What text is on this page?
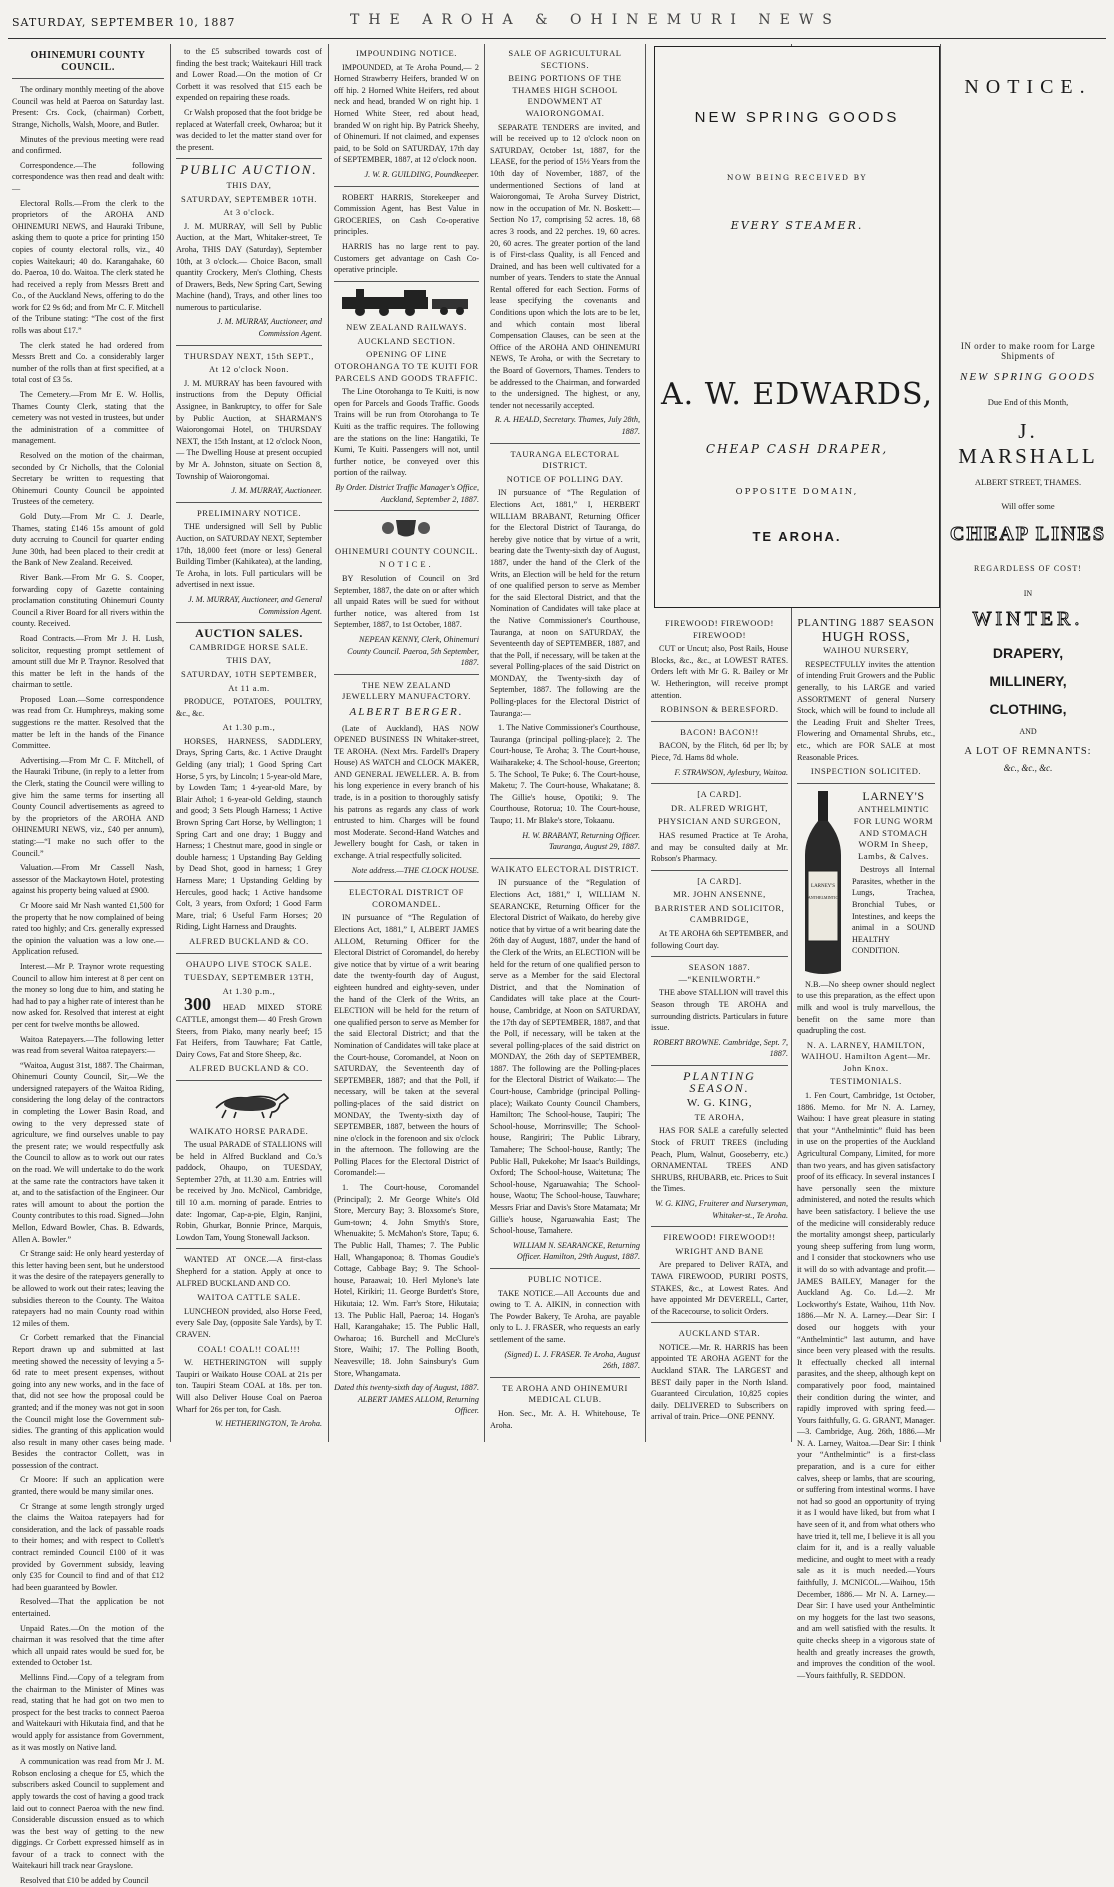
SATURDAY, SEPTEMBER 10, 1887	THE AROHA & OHINEMURI NEWS
OHINEMURI COUNTY COUNCIL.

The ordinary monthly meeting of the above Council was held at Paeroa on Saturday last. Present: Crs. Cock, (chairman) Corbett, Strange, Nicholls, Walsh, Moore, and Butler.

Minutes of the previous meeting were read and confirmed.

Correspondence.—The following correspondence was then read and dealt with:—

Electoral Rolls.—From the clerk to the proprietors of the AROHA AND OHINEMURI NEWS, and Hauraki Tribune, asking them to quote a price for printing 150 copies of county electoral rolls, viz., 40 copies Waitekauri; 40 do. Karangahake, 60 do. Paeroa, 10 do. Waitoa. The clerk stated he had received a reply from Messrs Brett and Co., of the Auckland News, offering to do the work for £2 9s 6d; and from Mr C. F. Mitchell of the Tribune stating: “The cost of the first rolls was about £17.”

The clerk stated he had ordered from Messrs Brett and Co. a considerably larger number of the rolls than at first specified, at a total cost of £3 5s.

The Cemetery.—From Mr E. W. Hollis, Thames County Clerk, stating that the cemetery was not vested in trustees, but under the administration of a committee of management.

Resolved on the motion of the chairman, seconded by Cr Nicholls, that the Colonial Secretary be written to requesting that Ohinemuri County Council be appointed Trustees of the cemetery.

Gold Duty.—From Mr C. J. Dearle, Thames, stating £146 15s amount of gold duty accruing to Council for quarter ending June 30th, had been placed to their credit at the Bank of New Zealand. Received.

River Bank.—From Mr G. S. Cooper, forwarding copy of Gazette containing proclamation constituting Ohinemuri County Council a River Board for all rivers within the county. Received.

Road Contracts.—From Mr J. H. Lush, solicitor, requesting prompt settlement of amount still due Mr P. Traynor. Resolved that this matter be left in the hands of the chairman to settle.

Proposed Loan.—Some correspondence was read from Cr. Humphreys, making some suggestions re the matter. Resolved that the matter be left in the hands of the Finance Committee.

Advertising.—From Mr C. F. Mitchell, of the Hauraki Tribune, (in reply to a letter from the Clerk, stating the Council were willing to give him the same terms for inserting all County Council advertisements as agreed to by the proprietors of the AROHA AND OHINEMURI NEWS, viz., £40 per annum), stating:—“I make no such offer to the Council.”

Valuation.—From Mr Cassell Nash, assessor of the Mackaytown Hotel, protesting against his property being valued at £900.

Cr Moore said Mr Nash wanted £1,500 for the property that he now complained of being rated too highly; and Crs. generally expressed the opinion the valuation was a low one.—Application refused.

Interest.—Mr P. Traynor wrote requesting Council to allow him interest at 8 per cent on the money so long due to him, and stating he had had to pay a higher rate of interest than he now asked for. Resolved that interest at eight per cent for twelve months be allowed.

Waitoa Ratepayers.—The following letter was read from several Waitoa ratepayers:—

“Waitoa, August 31st, 1887. The Chairman, Ohinemuri County Council, Sir,—We the undersigned ratepayers of the Waitoa Riding, considering the long delay of the contractors in completing the Lower Basin Road, and owing to the very depressed state of agriculture, we find ourselves unable to pay the present rate; we would respectfully ask the Council to allow as to work out our rates on the road. We will undertake to do the work at the same rate the contractors have taken it at, and to the satisfaction of the Engineer. Our rates will amount to about the portion the County contributes to this road. Signed—John Mellon, Edward Bowler, Chas. B. Edwards, Allen A. Bowler.”

Cr Strange said: He only heard yesterday of this letter having been sent, but he understood it was the desire of the ratepayers generally to be allowed to work out their rates; leaving the subsidies thereon to the County. The Waitoa ratepayers had no main County road within 12 miles of them.

Cr Corbett remarked that the Financial Report drawn up and submitted at last meeting showed the necessity of levying a 5-6d rate to meet present expenses, without going into any new works, and in the face of that, did not see how the proposal could be granted; and if the money was not got in soon the Council might lose the Government sub-sidies. The granting of this application would also result in many other cases being made. Besides the contractor Collett, was in possession of the contract.

Cr Moore: If such an application were granted, there would be many similar ones.

Cr Strange at some length strongly urged the claims the Waitoa ratepayers had for consideration, and the lack of passable roads to their homes; and with respect to Collett's contract reminded Council £100 of it was provided by Government subsidy, leaving only £35 for Council to find and of that £12 had been guaranteed by Bowler.

Resolved—That the application be not entertained.

Unpaid Rates.—On the motion of the chairman it was resolved that the time after which all unpaid rates would be sued for, be extended to October 1st.

Mellinns Find.—Copy of a telegram from the chairman to the Minister of Mines was read, stating that he had got on two men to prospect for the best tracks to connect Paeroa and Waitekauri with Hikutaia find, and that he would apply for assistance from Government, as it was mostly on Native land.

A communication was read from Mr J. M. Robson enclosing a cheque for £5, which the subscribers asked Council to supplement and apply towards the cost of having a good track laid out to connect Paeroa with the new find. Considerable discussion ensued as to which was the best way of getting to the new diggings. Cr Corbett expressed himself as in favour of a track to connect with the Waitekauri hill track near Grayslone.

Resolved that £10 be added by Council

to the £5 subscribed towards cost of finding the best track; Waitekauri Hill track and Lower Road.—On the motion of Cr Corbett it was resolved that £15 each be expended on repairing these roads.

Cr Walsh proposed that the foot bridge be replaced at Waterfall creek, Owharoa; but it was decided to let the matter stand over for the present.

PUBLIC AUCTION.
THIS DAY,
SATURDAY, SEPTEMBER 10TH.
At 3 o'clock.

J. M. MURRAY, will Sell by Public Auction, at the Mart, Whitaker-street, Te Aroha, THIS DAY (Saturday), September 10th, at 3 o'clock.— Choice Bacon, small quantity Crockery, Men's Clothing, Chests of Drawers, Beds, New Spring Cart, Sewing Machine (hand), Trays, and other lines too numerous to particularise.

J. M. MURRAY, Auctioneer, and Commission Agent.
THURSDAY NEXT, 15th SEPT.,
At 12 o'clock Noon.

J. M. MURRAY has been favoured with instructions from the Deputy Official Assignee, in Bankruptcy, to offer for Sale by Public Auction, at SHARMAN'S Waiorongomai Hotel, on THURSDAY NEXT, the 15th Instant, at 12 o'clock Noon,— The Dwelling House at present occupied by Mr A. Johnston, situate on Section 8, Township of Waiorongomai.

J. M. MURRAY, Auctioneer.
PRELIMINARY NOTICE.

THE undersigned will Sell by Public Auction, on SATURDAY NEXT, September 17th, 18,000 feet (more or less) General Building Timber (Kahikatea), at the landing, Te Aroha, in lots. Full particulars will be advertised in next issue.

J. M. MURRAY, Auctioneer, and General Commission Agent.
AUCTION SALES.
CAMBRIDGE HORSE SALE.
THIS DAY,
SATURDAY, 10TH SEPTEMBER,
At 11 a.m.

PRODUCE, POTATOES, POULTRY, &c., &c.

At 1.30 p.m.,

HORSES, HARNESS, SADDLERY, Drays, Spring Carts, &c. 1 Active Draught Gelding (any trial); 1 Good Spring Cart Horse, 5 yrs, by Lincoln; 1 5-year-old Mare, by Lowden Tam; 1 4-year-old Mare, by Blair Athol; 1 6-year-old Gelding, staunch and good; 3 Sets Plough Harness; 1 Active Brown Spring Cart Horse, by Wellington; 1 Spring Cart and one dray; 1 Buggy and Harness; 1 Chestnut mare, good in single or double harness; 1 Upstanding Bay Gelding by Dead Shot, good in harness; 1 Grey Harness Mare; 1 Upstanding Gelding by Hercules, good hack; 1 Active handsome Colt, 3 years, from Oxford; 1 Good Farm Mare, trial; 6 Useful Farm Horses; 20 Riding, Light Harness and Draughts.

ALFRED BUCKLAND & CO.
OHAUPO LIVE STOCK SALE.
TUESDAY, SEPTEMBER 13TH,
At 1.30 p.m.,

300 HEAD MIXED STORE CATTLE, amongst them— 40 Fresh Grown Steers, from Piako, many nearly beef; 15 Fat Heifers, from Tauwhare; Fat Cattle, Dairy Cows, Fat and Store Sheep, &c.

ALFRED BUCKLAND & CO.
WAIKATO HORSE PARADE.

The usual PARADE of STALLIONS will be held in Alfred Buckland and Co.'s paddock, Ohaupo, on TUESDAY, September 27th, at 11.30 a.m. Entries will be received by Jno. McNicol, Cambridge, till 10 a.m. morning of parade. Entries to date: Ingomar, Cap-a-pie, Elgin, Ranjini, Robin, Ghurkar, Bonnie Prince, Marquis, Lowdon Tam, Young Stonewall Jackson.

WANTED AT ONCE.—A first-class Shepherd for a station. Apply at once to ALFRED BUCKLAND AND CO.

WAITOA CATTLE SALE.

LUNCHEON provided, also Horse Feed, every Sale Day, (opposite Sale Yards), by T. CRAVEN.

COAL! COAL!! COAL!!!

W. HETHERINGTON will supply Taupiri or Waikato House COAL at 21s per ton. Taupiri Steam COAL at 18s. per ton. Will also Deliver House Coal on Paeroa Wharf for 26s per ton, for Cash.

W. HETHERINGTON, Te Aroha.
IMPOUNDING NOTICE.

IMPOUNDED, at Te Aroha Pound,— 2 Horned Strawberry Heifers, branded W on off hip. 2 Horned White Heifers, red about neck and head, branded W on right hip. 1 Horned White Steer, red about head, branded W on right hip. By Patrick Sheehy, of Ohinemuri. If not claimed, and expenses paid, to be Sold on SATURDAY, 17th day of SEPTEMBER, 1887, at 12 o'clock noon.

J. W. R. GUILDING, Poundkeeper.

ROBERT HARRIS, Storekeeper and Commission Agent, has Best Value in GROCERIES, on Cash Co-operative principles.

HARRIS has no large rent to pay. Customers get advantage on Cash Co-operative principle.

NEW ZEALAND RAILWAYS.
AUCKLAND SECTION.
OPENING OF LINE OTOROHANGA TO TE KUITI FOR PARCELS AND GOODS TRAFFIC.

The Line Otorohanga to Te Kuiti, is now open for Parcels and Goods Traffic. Goods Trains will be run from Otorohanga to Te Kuiti as the traffic requires. The following are the stations on the line: Hangatiki, Te Kumi, Te Kuiti. Passengers will not, until further notice, be conveyed over this portion of the railway.

By Order. District Traffic Manager's Office, Auckland, September 2, 1887.
OHINEMURI COUNTY COUNCIL.
NOTICE.

BY Resolution of Council on 3rd September, 1887, the date on or after which all unpaid Rates will be sued for without further notice, was altered from 1st September, 1887, to 1st October, 1887.

NEPEAN KENNY, Clerk, Ohinemuri County Council. Paeroa, 5th September, 1887.
THE NEW ZEALAND JEWELLERY MANUFACTORY.
ALBERT BERGER.

(Late of Auckland), HAS NOW OPENED BUSINESS IN Whitaker-street, TE AROHA. (Next Mrs. Fardell's Drapery House) AS WATCH and CLOCK MAKER, AND GENERAL JEWELLER. A. B. from his long experience in every branch of his trade, is in a position to thoroughly satisfy his patrons as regards any class of work entrusted to him. Charges will be found most Moderate. Second-Hand Watches and Jewellery bought for Cash, or taken in exchange. A trial respectfully solicited.

Note address.—THE CLOCK HOUSE.
ELECTORAL DISTRICT OF COROMANDEL.

IN pursuance of “The Regulation of Elections Act, 1881,” I, ALBERT JAMES ALLOM, Returning Officer for the Electoral District of Coromandel, do hereby give notice that by virtue of a writ bearing date the twenty-fourth day of August, eighteen hundred and eighty-seven, under the hand of the Clerk of the Writs, an ELECTION will be held for the return of one qualified person to serve as Member for the said Electoral District; and that the Nomination of Candidates will take place at the Court-house, Coromandel, at Noon on SATURDAY, the Seventeenth day of SEPTEMBER, 1887; and that the Poll, if necessary, will be taken at the several polling-places of the said district on MONDAY, the Twenty-sixth day of SEPTEMBER, 1887, between the hours of nine o'clock in the forenoon and six o'clock in the afternoon. The following are the Polling Places for the Electoral District of Coromandel:—

1. The Court-house, Coromandel (Principal); 2. Mr George White's Old Store, Mercury Bay; 3. Bloxsome's Store, Gum-town; 4. John Smyth's Store, Whenuakite; 5. McMahon's Store, Tapu; 6. The Public Hall, Thames; 7. The Public Hall, Whangaponoa; 8. Thomas Goudie's Cottage, Cabbage Bay; 9. The School-house, Paraawai; 10. Herl Mylone's late Hotel, Kirikiri; 11. George Burdett's Store, Hikutaia; 12. Wm. Farr's Store, Hikutaia; 13. The Public Hall, Paeroa; 14. Hogan's Hall, Karangahake; 15. The Public Hall, Owharoa; 16. Burchell and McClure's Store, Waihi; 17. The Polling Booth, Neavesville; 18. John Sainsbury's Gum Store, Whangamata.

Dated this twenty-sixth day of August, 1887. ALBERT JAMES ALLOM, Returning Officer.
SALE OF AGRICULTURAL SECTIONS.
BEING PORTIONS OF THE THAMES HIGH SCHOOL ENDOWMENT AT WAIORONGOMAI.

SEPARATE TENDERS are invited, and will be received up to 12 o'clock noon on SATURDAY, October 1st, 1887, for the LEASE, for the period of 15½ Years from the 10th day of November, 1887, of the undermentioned Sections of land at Waiorongomai, Te Aroha Survey District, now in the occupation of Mr. N. Boskett:— Section No 17, comprising 52 acres. 18, 68 acres 3 roods, and 22 perches. 19, 60 acres. 20, 60 acres. The greater portion of the land is of First-class Quality, is all Fenced and Drained, and has been well cultivated for a number of years. Tenders to state the Annual Rental offered for each Section. Forms of lease specifying the covenants and Conditions upon which the lots are to be let, and which contain most liberal Compensation Clauses, can be seen at the Office of the AROHA AND OHINEMURI NEWS, Te Aroha, or with the Secretary to the Board of Governors, Thames. Tenders to be addressed to the Chairman, and forwarded to the undersigned. The highest, or any, tender not necessarily accepted.

R. A. HEALD, Secretary. Thames, July 28th, 1887.
TAURANGA ELECTORAL DISTRICT.
NOTICE OF POLLING DAY.

IN pursuance of “The Regulation of Elections Act, 1881,” I, HERBERT WILLIAM BRABANT, Returning Officer for the Electoral District of Tauranga, do hereby give notice that by virtue of a writ, bearing date the Twenty-sixth day of August, 1887, under the hand of the Clerk of the Writs, an Election will be held for the return of one qualified person to serve as Member for the said Electoral District, and that the Nomination of Candidates will take place at the Native Commissioner's Courthouse, Tauranga, at noon on SATURDAY, the Seventeenth day of SEPTEMBER, 1887, and that the Poll, if necessary, will be taken at the several Polling-places of the said District on MONDAY, the Twenty-sixth day of September, 1887. The following are the Polling-places for the Electoral District of Tauranga:—

1. The Native Commissioner's Courthouse, Tauranga (principal polling-place); 2. The Court-house, Te Aroha; 3. The Court-house, Waiharakeke; 4. The School-house, Greerton; 5. The School, Te Puke; 6. The Court-house, Maketu; 7. The Court-house, Whakatane; 8. The Gillie's house, Opotiki; 9. The Courthouse, Rotorua; 10. The Court-house, Taupo; 11. Mr Blake's store, Tokaanu.

H. W. BRABANT, Returning Officer. Tauranga, August 29, 1887.
WAIKATO ELECTORAL DISTRICT.

IN pursuance of the “Regulation of Elections Act, 1881,” I, WILLIAM N. SEARANCKE, Returning Officer for the Electoral District of Waikato, do hereby give notice that by virtue of a writ bearing date the 26th day of August, 1887, under the hand of the Clerk of the Writs, an ELECTION will be held for the return of one qualified person to serve as a Member for the said Electoral District, and that the Nomination of Candidates will take place at the Court-house, Cambridge, at Noon on SATURDAY, the 17th day of SEPTEMBER, 1887, and that the Poll, if necessary, will be taken at the several polling-places of the said district on MONDAY, the 26th day of SEPTEMBER, 1887. The following are the Polling-places for the Electoral District of Waikato:— The Court-house, Cambridge (principal Polling-place); Waikato County Council Chambers, Hamilton; The School-house, Taupiri; The School-house, Morrinsville; The School-house, Rangiriri; The Public Library, Tamahere; The School-house, Rantly; The Public Hall, Pukekohe; Mr Isaac's Buildings, Oxford; The School-house, Waitetuna; The School-house, Ngaruawahia; The School-house, Waotu; The School-house, Tauwhare; Messrs Friar and Davis's Store Matamata; Mr Gillie's house, Ngaruawahia East; The School-house, Tamahere.

WILLIAM N. SEARANCKE, Returning Officer. Hamilton, 29th August, 1887.
PUBLIC NOTICE.

TAKE NOTICE.—All Accounts due and owing to T. A. AIKIN, in connection with The Powder Bakery, Te Aroha, are payable only to L. J. FRASER, who requests an early settlement of the same.

(Signed) L. J. FRASER. Te Aroha, August 26th, 1887.
TE AROHA AND OHINEMURI MEDICAL CLUB.

Hon. Sec., Mr. A. H. Whitehouse, Te Aroha.

NEW SPRING GOODS
NOW BEING RECEIVED BY
EVERY STEAMER.
A. W. EDWARDS,
CHEAP CASH DRAPER,
OPPOSITE DOMAIN,
TE AROHA.
FIREWOOD! FIREWOOD! FIREWOOD!

CUT or Uncut; also, Post Rails, House Blocks, &c., &c., at LOWEST RATES. Orders left with Mr G. R. Bailey or Mr W. Hetherington, will receive prompt attention.

ROBINSON & BERESFORD.
BACON! BACON!!

BACON, by the Flitch, 6d per lb; by Piece, 7d. Hams 8d whole.

F. STRAWSON, Aylesbury, Waitoa.
[A CARD].
DR. ALFRED WRIGHT,
PHYSICIAN AND SURGEON,

HAS resumed Practice at Te Aroha, and may be consulted daily at Mr. Robson's Pharmacy.

[A CARD].
MR. JOHN ANSENNE,
BARRISTER AND SOLICITOR, CAMBRIDGE,

At TE AROHA 6th SEPTEMBER, and following Court day.

SEASON 1887.—“KENILWORTH.”

THE above STALLION will travel this Season through TE AROHA and surrounding districts. Particulars in future issue.

ROBERT BROWNE. Cambridge, Sept. 7, 1887.
PLANTING SEASON.
W. G. KING,
TE AROHA,

HAS FOR SALE a carefully selected Stock of FRUIT TREES (including Peach, Plum, Walnut, Gooseberry, etc.) ORNAMENTAL TREES AND SHRUBS, RHUBARB, etc. Prices to Suit the Times.

W. G. KING, Fruiterer and Nurseryman, Whitaker-st., Te Aroha.
FIREWOOD! FIREWOOD!!
WRIGHT AND BANE

Are prepared to Deliver RATA, and TAWA FIREWOOD, PURIRI POSTS, STAKES, &c., at Lowest Rates. And have appointed Mr DEVERELL, Carter, of the Racecourse, to solicit Orders.

AUCKLAND STAR.

NOTICE.—Mr. R. HARRIS has been appointed TE AROHA AGENT for the Auckland STAR. The LARGEST and BEST daily paper in the North Island. Guaranteed Circulation, 10,825 copies daily. DELIVERED to Subscribers on arrival of train. Price—ONE PENNY.

PLANTING 1887 SEASON
HUGH ROSS,
WAIHOU NURSERY,

RESPECTFULLY invites the attention of intending Fruit Growers and the Public generally, to his LARGE and varied ASSORTMENT of general Nursery Stock, which will be found to include all the Leading Fruit and Shelter Trees, Flowering and Ornamental Shrubs, etc., etc., which are FOR SALE at most Reasonable Prices.

INSPECTION SOLICITED.
LARNEY'S
ANTHELMINTIC
LARNEY'S
ANTHELMINTIC FOR LUNG WORM AND STOMACH WORM In Sheep, Lambs, & Calves.

Destroys all Internal Parasites, whether in the Lungs, Trachea, Bronchial Tubes, or Intestines, and keeps the animal in a SOUND HEALTHY CONDITION.

N.B.—No sheep owner should neglect to use this preparation, as the effect upon milk and wool is truly marvellous, the benefit on the same more than quadrupling the cost.

N. A. LARNEY, HAMILTON, WAIHOU. Hamilton Agent—Mr. John Knox.
TESTIMONIALS.

1. Fen Court, Cambridge, 1st October, 1886. Memo. for Mr N. A. Larney, Waihou: I have great pleasure in stating that your “Anthelmintic” fluid has been in use on the properties of the Auckland Agricultural Company, Limited, for more than two years, and has given satisfactory proof of its efficacy. In several instances I have personally seen the mixture administered, and noted the results which have been satisfactory. I believe the use of the medicine will considerably reduce the mortality amongst sheep, particularly young sheep suffering from lung worm, and I consider that stockowners who use it will do so with advantage and profit.—JAMES BAILEY, Manager for the Auckland Ag. Co. Ld.—2. Mr Lockworthy's Estate, Waihou, 11th Nov. 1886.—Mr N. A. Larney.—Dear Sir: I dosed our hoggets with your “Anthelmintic” last autumn, and have since been very pleased with the results. It effectually checked all internal parasites, and the sheep, although kept on comparatively poor food, maintained their condition during the winter, and rapidly improved with spring feed.—Yours faithfully, G. G. GRANT, Manager.—3. Cambridge, Aug. 26th, 1886.—Mr N. A. Larney, Waitoa.—Dear Sir: I think your “Anthelmintic” is a first-class preparation, and is a cure for either calves, sheep or lambs, that are scouring, or suffering from intestinal worms. I have not had so good an opportunity of trying it as I would have liked, but from what I have seen of it, and from what others who have tried it, tell me, I believe it is all you claim for it, and is a really valuable medicine, and ought to meet with a ready sale as it is much needed.—Yours faithfully, J. MCNICOL.—Waihou, 15th December, 1886.— Mr N. A. Larney.—Dear Sir: I have used your Anthelmintic on my hoggets for the last two seasons, and am well satisfied with the results. It quite checks sheep in a vigorous state of health and greatly increases the growth, and improves the condition of the wool.—Yours faithfully, R. SEDDON.

NOTICE.
IN order to make room for Large Shipments of
NEW SPRING GOODS
Due End of this Month,
J. MARSHALL
ALBERT STREET, THAMES.
Will offer some
CHEAP LINES
REGARDLESS OF COST!
IN
WINTER.
DRAPERY,
MILLINERY,
CLOTHING,
AND
A LOT OF REMNANTS:
&c., &c., &c.
